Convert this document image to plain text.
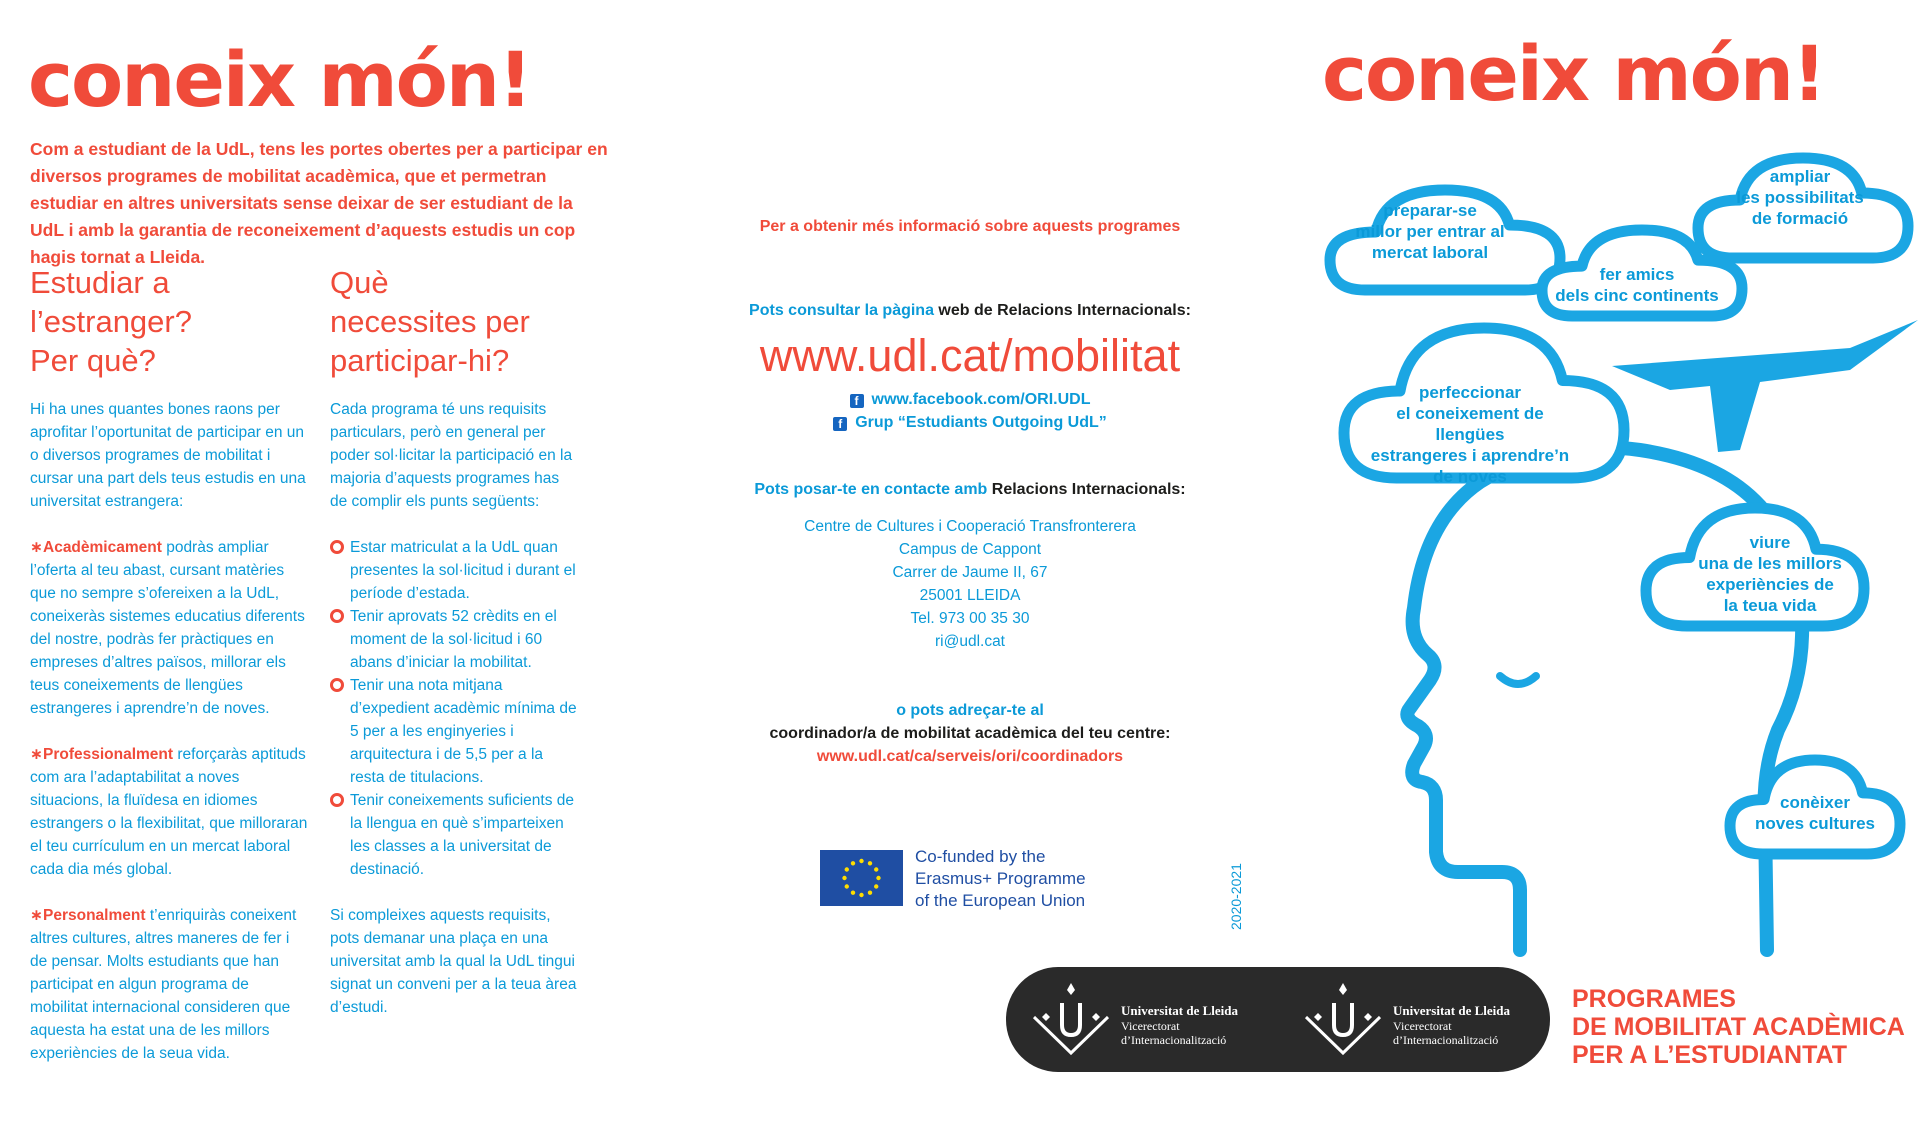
coneix món!
Com a estudiant de la UdL, tens les portes obertes per a participar en diversos programes de mobilitat acadèmica, que et permetran estudiar en altres universitats sense deixar de ser estudiant de la UdL i amb la garantia de reconeixement d’aquests estudis un cop hagis tornat a Lleida.
Estudiar a
l’estranger?
Per què?
Hi ha unes quantes bones raons per aprofitar l’oportunitat de participar en un o diversos programes de mobilitat i cursar una part dels teus estudis en una universitat estrangera:
∗Acadèmicament podràs ampliar l’oferta al teu abast, cursant matèries que no sempre s’ofereixen a la UdL, coneixeràs sistemes educatius diferents del nostre, podràs fer pràctiques en empreses d’altres països, millorar els teus coneixements de llengües estrangeres i aprendre’n de noves.
∗Professionalment reforçaràs aptituds com ara l’adaptabilitat a noves situacions, la fluïdesa en idiomes estrangers o la flexibilitat, que milloraran el teu currículum en un mercat laboral cada dia més global.
∗Personalment t’enriquiràs coneixent altres cultures, altres maneres de fer i de pensar. Molts estudiants que han participat en algun programa de mobilitat internacional consideren que aquesta ha estat una de les millors experiències de la seua vida.
Què
necessites per
participar-hi?
Cada programa té uns requisits particulars, però en general per poder sol·licitar la participació en la majoria d’aquests programes has de complir els punts següents:
Estar matriculat a la UdL quan presentes la sol·licitud i durant el període d’estada.
Tenir aprovats 52 crèdits en el moment de la sol·licitud i 60 abans d’iniciar la mobilitat.
Tenir una nota mitjana d’expedient acadèmic mínima de 5 per a les enginyeries i arquitectura i de 5,5 per a la resta de titulacions.
Tenir coneixements suficients de la llengua en què s’imparteixen les classes a la universitat de destinació.
Si compleixes aquests requisits, pots demanar una plaça en una universitat amb la qual la UdL tingui signat un conveni per a la teua àrea d’estudi.
Per a obtenir més informació sobre aquests programes
Pots consultar la pàgina web de Relacions Internacionals:
www.udl.cat/mobilitat
f www.facebook.com/ORI.UDL
f Grup “Estudiants Outgoing UdL”
Pots posar-te en contacte amb Relacions Internacionals:
Centre de Cultures i Cooperació Transfronterera
Campus de Cappont
Carrer de Jaume II, 67
25001 LLEIDA
Tel. 973 00 35 30
ri@udl.cat
o pots adreçar-te al
coordinador/a de mobilitat acadèmica del teu centre:
www.udl.cat/ca/serveis/ori/coordinadors
Co-funded by the
Erasmus+ Programme
of the European Union	2020-2021
Universitat de Lleida
Vicerectorat
d’Internacionalització
Universitat de Lleida
Vicerectorat
d’Internacionalització
coneix món!
preparar-se
millor per entrar al
mercat laboral
ampliar
les possibilitats
de formació
fer amics
dels cinc continents
perfeccionar
el coneixement de llengües
estrangeres i aprendre’n
de noves
viure
una de les millors
experiències de
la teua vida
conèixer
noves cultures
PROGRAMES
DE MOBILITAT ACADÈMICA
PER A L’ESTUDIANTAT
